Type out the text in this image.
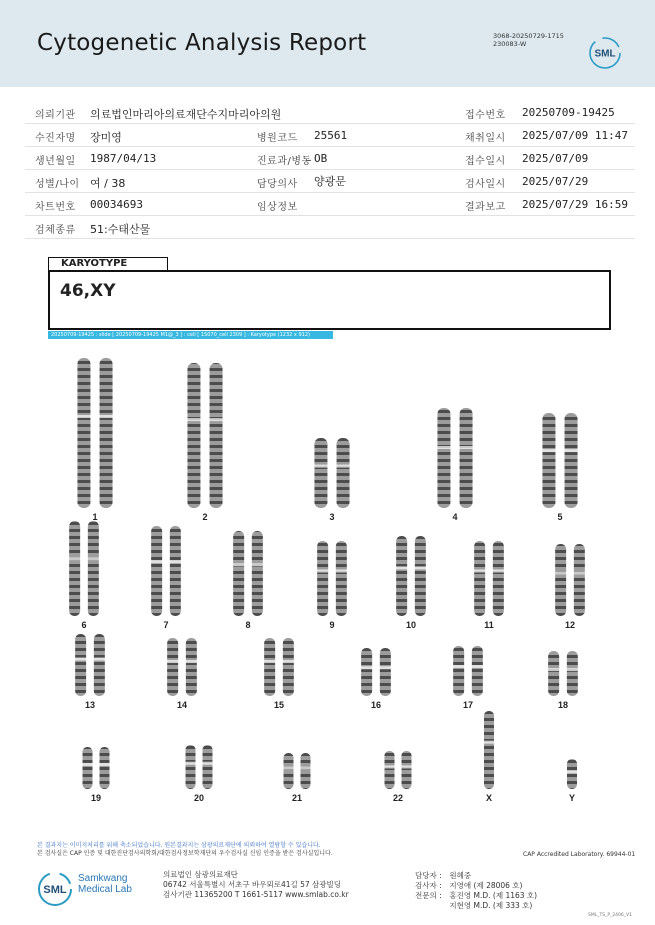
Cytogenetic Analysis Report	3068-20250729-1715
230083-W
SML
의뢰기관 의료법인마리아의료재단수지마리아의원	접수번호 20250709-19425
수진자명 장미영	병원코드 25561	채취일시 2025/07/09 11:47
생년월일 1987/04/13	진료과/병동 OB	접수일시 2025/07/09
성별/나이 여 / 38	담당의사 양광문	검사일시 2025/07/29
차트번호 00034693	임상정보	결과보고 2025/07/29 16:59
검체종류 51:수태산물
KARYOTYPE
46,XY
20250709-19425 : slide [ 20250709-19425 M1@_3 ] : cell [ 1S070_cell 2309 ] : Karyotype (1232 x 912)
1	2	3	4	5
6	7	8	9	10	11	12
13	14	15	16	17	18
19	20	21	22	X	Y
본 결과지는 이미지처리를 위해 축소되었습니다. 원본결과지는 삼광의료재단에 의뢰하여 열람할 수 있습니다.
본 검사실은 CAP 인증 및 대한진단검사의학회/대한검사정보학재단의 우수검사실 신임 인증을 받은 검사실입니다.	CAP Accredited Laboratory. 69944-01
SML
Samkwang
Medical Lab
의료법인 삼광의료재단
06742 서울특별시 서초구 바우뫼로41길 57 삼광빌딩
검사기관 11365200 T 1661-5117 www.smlab.co.kr
담당자 : 원혜중
검사자 : 지영애 (제 28006 호)
전문의 : 홍진영 M.D. (제 1163 호)
지현영 M.D. (제 333 호)
SML_TS_P_2406_V1
